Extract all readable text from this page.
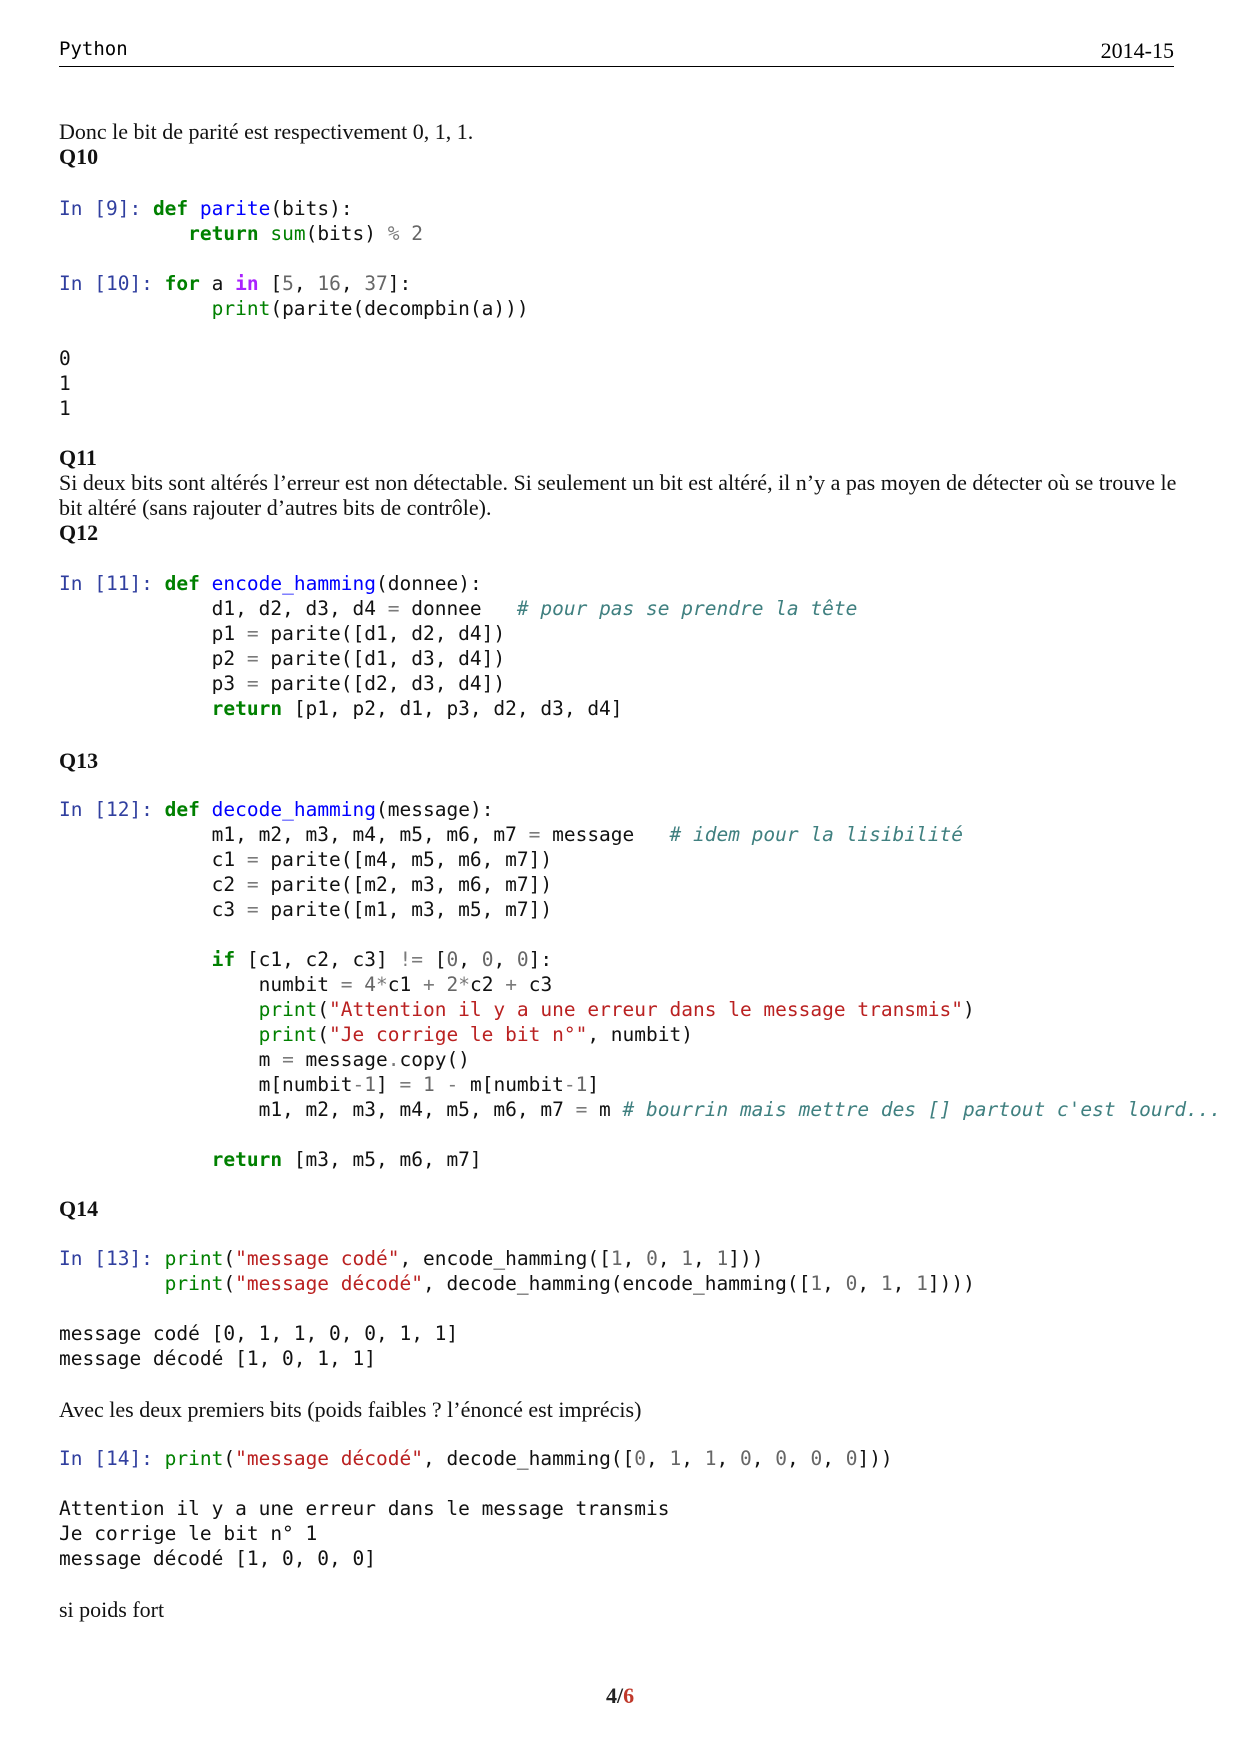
Python	2014-15
Donc le bit de parité est respectivement 0, 1, 1.
Q10
In [9]: def parite(bits):
return sum(bits) % 2
In [10]: for a in [5, 16, 37]:
print(parite(decompbin(a)))
0
1
1
Q11
Si deux bits sont altérés l’erreur est non détectable. Si seulement un bit est altéré, il n’y a pas moyen de détecter où se trouve le bit altéré (sans rajouter d’autres bits de contrôle).
Q12
In [11]: def encode_hamming(donnee):
d1, d2, d3, d4 = donnee   # pour pas se prendre la tête
p1 = parite([d1, d2, d4])
p2 = parite([d1, d3, d4])
p3 = parite([d2, d3, d4])
return [p1, p2, d1, p3, d2, d3, d4]
Q13
In [12]: def decode_hamming(message):
m1, m2, m3, m4, m5, m6, m7 = message   # idem pour la lisibilité
c1 = parite([m4, m5, m6, m7])
c2 = parite([m2, m3, m6, m7])
c3 = parite([m1, m3, m5, m7])

if [c1, c2, c3] != [0, 0, 0]:
numbit = 4*c1 + 2*c2 + c3
print("Attention il y a une erreur dans le message transmis")
print("Je corrige le bit n°", numbit)
m = message.copy()
m[numbit-1] = 1 - m[numbit-1]
m1, m2, m3, m4, m5, m6, m7 = m # bourrin mais mettre des [] partout c'est lourd...

return [m3, m5, m6, m7]
Q14
In [13]: print("message codé", encode_hamming([1, 0, 1, 1]))
print("message décodé", decode_hamming(encode_hamming([1, 0, 1, 1])))
message codé [0, 1, 1, 0, 0, 1, 1]
message décodé [1, 0, 1, 1]
Avec les deux premiers bits (poids faibles ? l’énoncé est imprécis)
In [14]: print("message décodé", decode_hamming([0, 1, 1, 0, 0, 0, 0]))
Attention il y a une erreur dans le message transmis
Je corrige le bit n° 1
message décodé [1, 0, 0, 0]
si poids fort
4/6
